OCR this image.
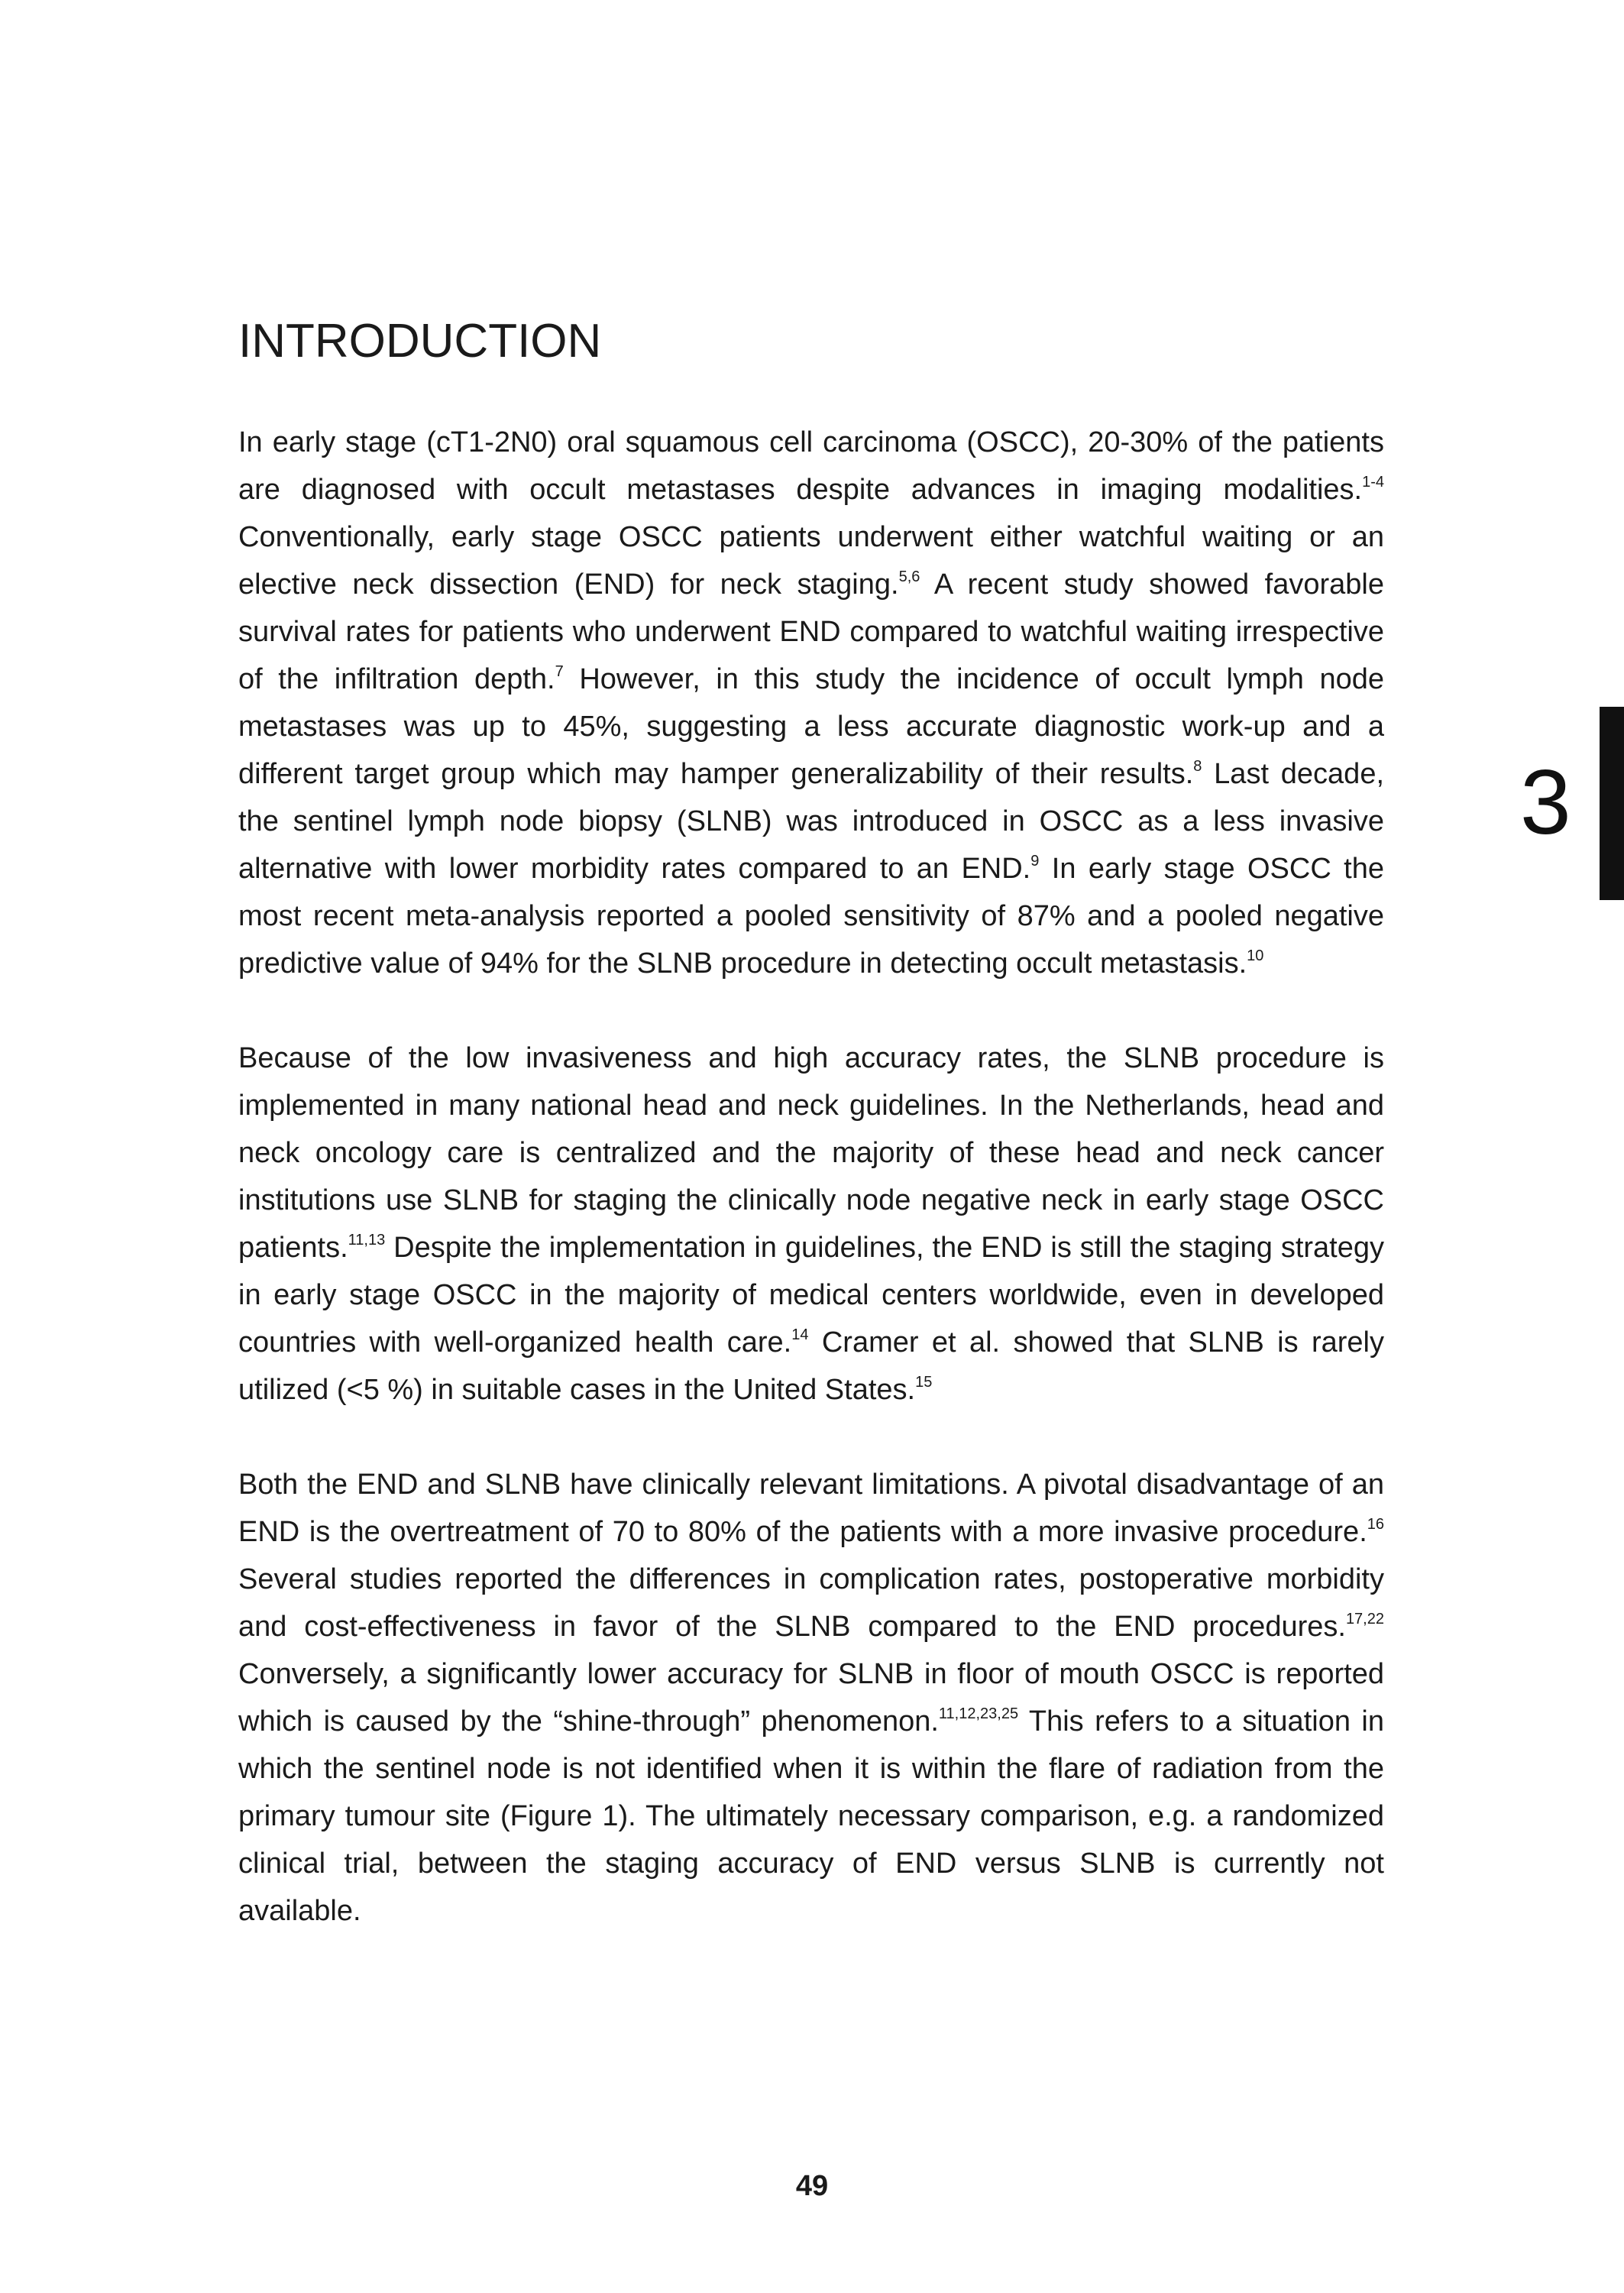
INTRODUCTION

In early stage (cT1-2N0) oral squamous cell carcinoma (OSCC), 20-30% of the patients are diagnosed with occult metastases despite advances in imaging modalities.$^{1-4}$ Conventionally, early stage OSCC patients underwent either watchful waiting or an elective neck dissection (END) for neck staging.$^{5,6}$ A recent study showed favorable survival rates for patients who underwent END compared to watchful waiting irrespective of the infiltration depth.$^7$ However, in this study the incidence of occult lymph node metastases was up to 45%, suggesting a less accurate diagnostic work-up and a different target group which may hamper generalizability of their results.$^8$ Last decade, the sentinel lymph node biopsy (SLNB) was introduced in OSCC as a less invasive alternative with lower morbidity rates compared to an END.$^9$ In early stage OSCC the most recent meta-analysis reported a pooled sensitivity of 87% and a pooled negative predictive value of 94% for the SLNB procedure in detecting occult metastasis.$^{10}$

Because of the low invasiveness and high accuracy rates, the SLNB procedure is implemented in many national head and neck guidelines. In the Netherlands, head and neck oncology care is centralized and the majority of these head and neck cancer institutions use SLNB for staging the clinically node negative neck in early stage OSCC patients.$^{11,13}$ Despite the implementation in guidelines, the END is still the staging strategy in early stage OSCC in the majority of medical centers worldwide, even in developed countries with well-organized health care.$^{14}$ Cramer et al. showed that SLNB is rarely utilized (<5 %) in suitable cases in the United States.$^{15}$

Both the END and SLNB have clinically relevant limitations. A pivotal disadvantage of an END is the overtreatment of 70 to 80% of the patients with a more invasive procedure.$^{16}$ Several studies reported the differences in complication rates, postoperative morbidity and cost-effectiveness in favor of the SLNB compared to the END procedures.$^{17,22}$ Conversely, a significantly lower accuracy for SLNB in floor of mouth OSCC is reported which is caused by the “shine-through” phenomenon.$^{11,12,23,25}$ This refers to a situation in which the sentinel node is not identified when it is within the flare of radiation from the primary tumour site (Figure 1). The ultimately necessary comparison, e.g. a randomized clinical trial, between the staging accuracy of END versus SLNB is currently not available.

3
49
